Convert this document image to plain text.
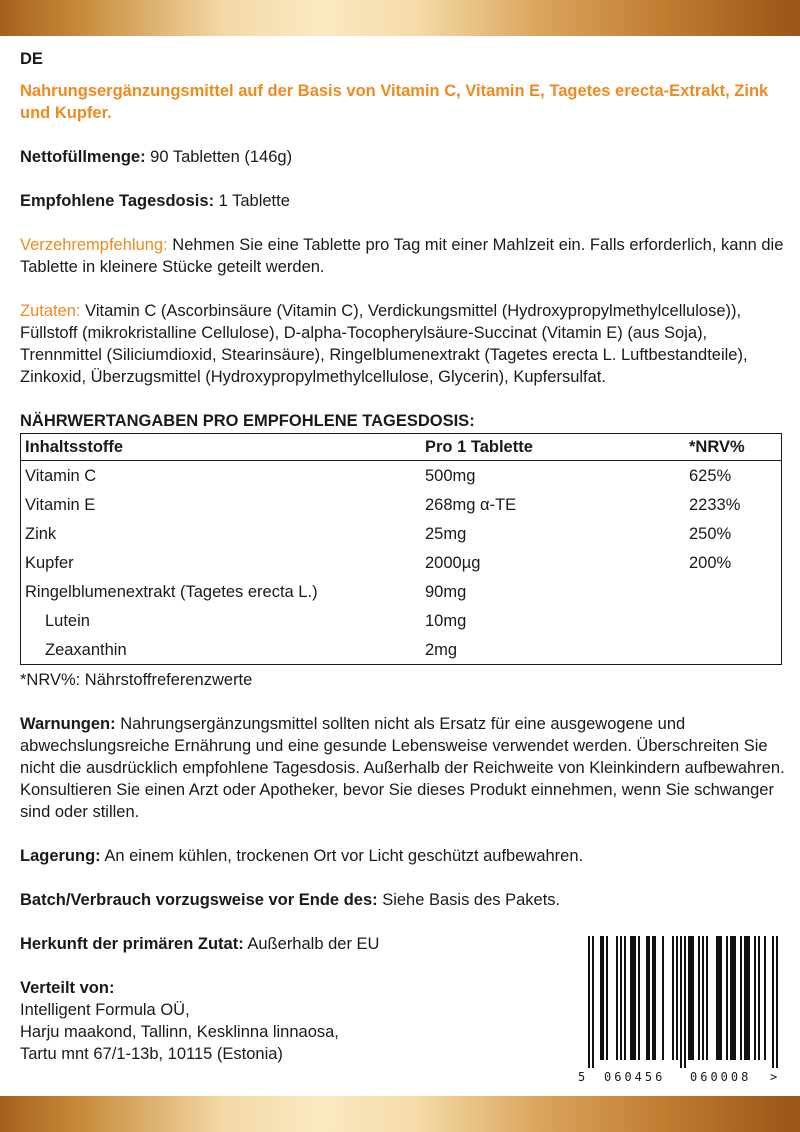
DE
Nahrungsergänzungsmittel auf der Basis von Vitamin C, Vitamin E, Tagetes erecta-Extrakt, Zink und Kupfer.

Nettofüllmenge: 90 Tabletten (146g)

Empfohlene Tagesdosis: 1 Tablette

Verzehrempfehlung: Nehmen Sie eine Tablette pro Tag mit einer Mahlzeit ein. Falls erforderlich, kann die Tablette in kleinere Stücke geteilt werden.

Zutaten: Vitamin C (Ascorbinsäure (Vitamin C), Verdickungsmittel (Hydroxypropylmethylcellulose)), Füllstoff (mikrokristalline Cellulose), D-alpha-Tocopherylsäure-Succinat (Vitamin E) (aus Soja), Trennmittel (Siliciumdioxid, Stearinsäure), Ringelblumenextrakt (Tagetes erecta L. Luftbestandteile), Zinkoxid, Überzugsmittel (Hydroxypropylmethylcellulose, Glycerin), Kupfersulfat.

NÄHRWERTANGABEN PRO EMPFOHLENE TAGESDOSIS:
Inhaltsstoffe	Pro 1 Tablette	*NRV%
Vitamin C	500mg	625%
Vitamin E	268mg α-TE	2233%
Zink	25mg	250%
Kupfer	2000µg	200%
Ringelblumenextrakt (Tagetes erecta L.)	90mg	
Lutein	10mg	
Zeaxanthin	2mg	
*NRV%: Nährstoffreferenzwerte

Warnungen: Nahrungsergänzungsmittel sollten nicht als Ersatz für eine ausgewogene und abwechslungsreiche Ernährung und eine gesunde Lebensweise verwendet werden. Überschreiten Sie nicht die ausdrücklich empfohlene Tagesdosis. Außerhalb der Reichweite von Kleinkindern aufbewahren. Konsultieren Sie einen Arzt oder Apotheker, bevor Sie dieses Produkt einnehmen, wenn Sie schwanger sind oder stillen.

Lagerung: An einem kühlen, trockenen Ort vor Licht geschützt aufbewahren.

Batch/Verbrauch vorzugsweise vor Ende des: Siehe Basis des Pakets.

Herkunft der primären Zutat: Außerhalb der EU

Verteilt von:
Intelligent Formula OÜ,
Harju maakond, Tallinn, Kesklinna linnaosa,
Tartu mnt 67/1-13b, 10115 (Estonia)
5 060456 060008 >
